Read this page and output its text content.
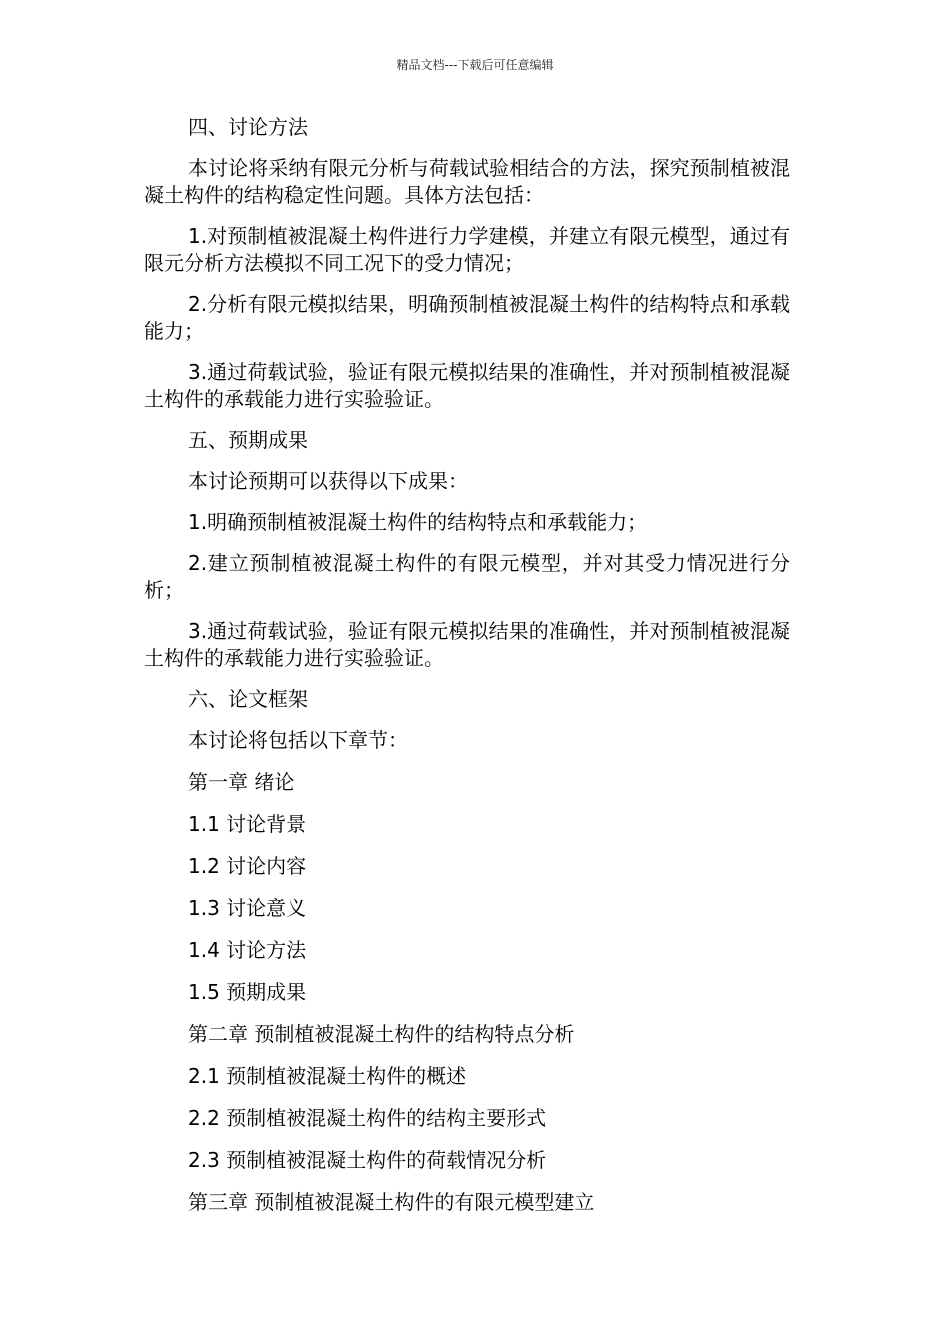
精品文档---下载后可任意编辑

四、讨论方法

本讨论将采纳有限元分析与荷载试验相结合的方法，探究预制植被混凝土构件的结构稳定性问题。具体方法包括：

1.对预制植被混凝土构件进行力学建模，并建立有限元模型，通过有限元分析方法模拟不同工况下的受力情况；

2.分析有限元模拟结果，明确预制植被混凝土构件的结构特点和承载能力；

3.通过荷载试验，验证有限元模拟结果的准确性，并对预制植被混凝土构件的承载能力进行实验验证。

五、预期成果

本讨论预期可以获得以下成果：

1.明确预制植被混凝土构件的结构特点和承载能力；

2.建立预制植被混凝土构件的有限元模型，并对其受力情况进行分析；

3.通过荷载试验，验证有限元模拟结果的准确性，并对预制植被混凝土构件的承载能力进行实验验证。

六、论文框架

本讨论将包括以下章节：

第一章 绪论

1.1 讨论背景

1.2 讨论内容

1.3 讨论意义

1.4 讨论方法

1.5 预期成果

第二章 预制植被混凝土构件的结构特点分析

2.1 预制植被混凝土构件的概述

2.2 预制植被混凝土构件的结构主要形式

2.3 预制植被混凝土构件的荷载情况分析

第三章 预制植被混凝土构件的有限元模型建立
